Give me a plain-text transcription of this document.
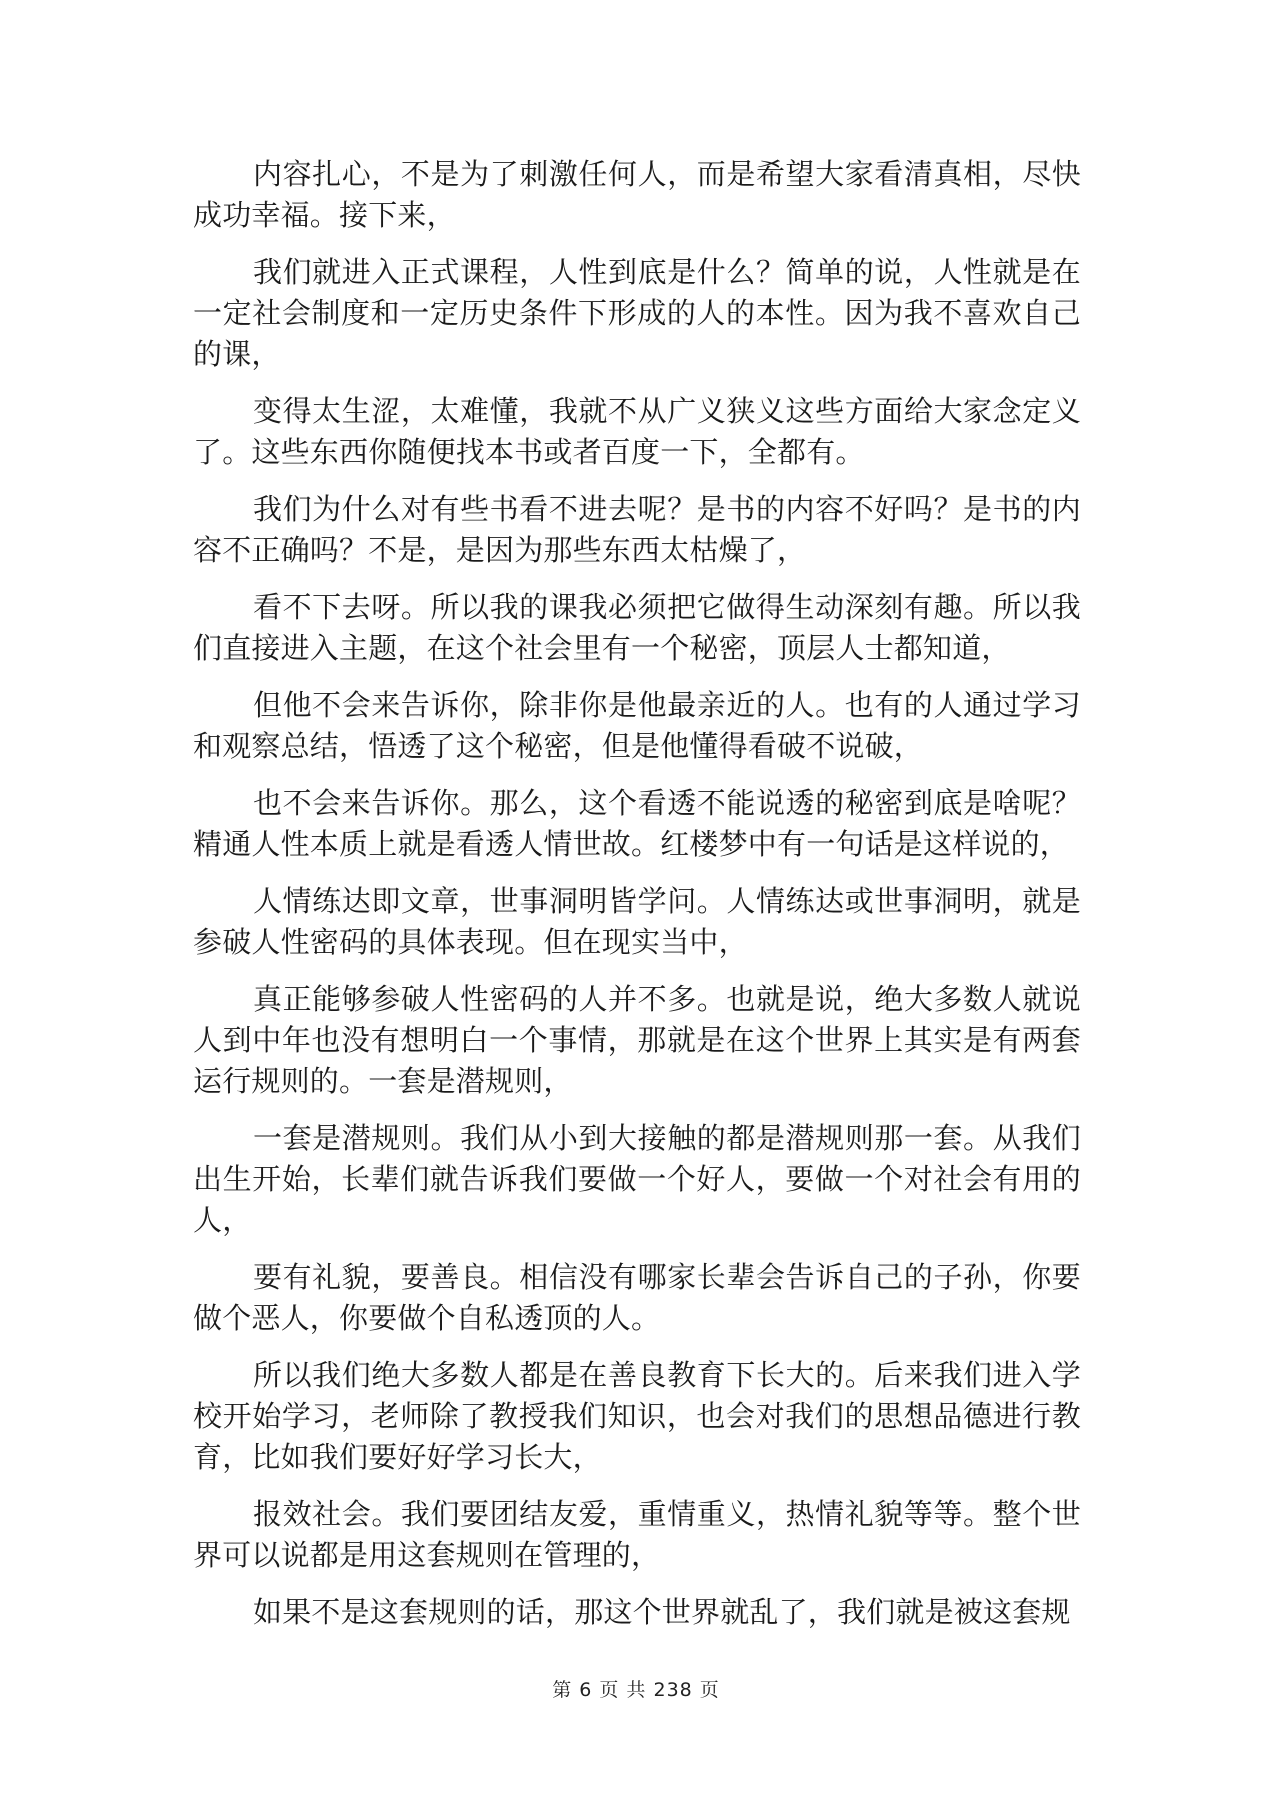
内容扎心，不是为了刺激任何人，而是希望大家看清真相，尽快成功幸福。接下来，

我们就进入正式课程，人性到底是什么？简单的说，人性就是在一定社会制度和一定历史条件下形成的人的本性。因为我不喜欢自己的课，

变得太生涩，太难懂，我就不从广义狭义这些方面给大家念定义了。这些东西你随便找本书或者百度一下，全都有。

我们为什么对有些书看不进去呢？是书的内容不好吗？是书的内容不正确吗？不是，是因为那些东西太枯燥了，

看不下去呀。所以我的课我必须把它做得生动深刻有趣。所以我们直接进入主题，在这个社会里有一个秘密，顶层人士都知道，

但他不会来告诉你，除非你是他最亲近的人。也有的人通过学习和观察总结，悟透了这个秘密，但是他懂得看破不说破，

也不会来告诉你。那么，这个看透不能说透的秘密到底是啥呢？精通人性本质上就是看透人情世故。红楼梦中有一句话是这样说的，

人情练达即文章，世事洞明皆学问。人情练达或世事洞明，就是参破人性密码的具体表现。但在现实当中，

真正能够参破人性密码的人并不多。也就是说，绝大多数人就说人到中年也没有想明白一个事情，那就是在这个世界上其实是有两套运行规则的。一套是潜规则，

一套是潜规则。我们从小到大接触的都是潜规则那一套。从我们出生开始，长辈们就告诉我们要做一个好人，要做一个对社会有用的人，

要有礼貌，要善良。相信没有哪家长辈会告诉自己的子孙，你要做个恶人，你要做个自私透顶的人。

所以我们绝大多数人都是在善良教育下长大的。后来我们进入学校开始学习，老师除了教授我们知识，也会对我们的思想品德进行教育，比如我们要好好学习长大，

报效社会。我们要团结友爱，重情重义，热情礼貌等等。整个世界可以说都是用这套规则在管理的，

如果不是这套规则的话，那这个世界就乱了，我们就是被这套规

第 6 页 共 238 页
